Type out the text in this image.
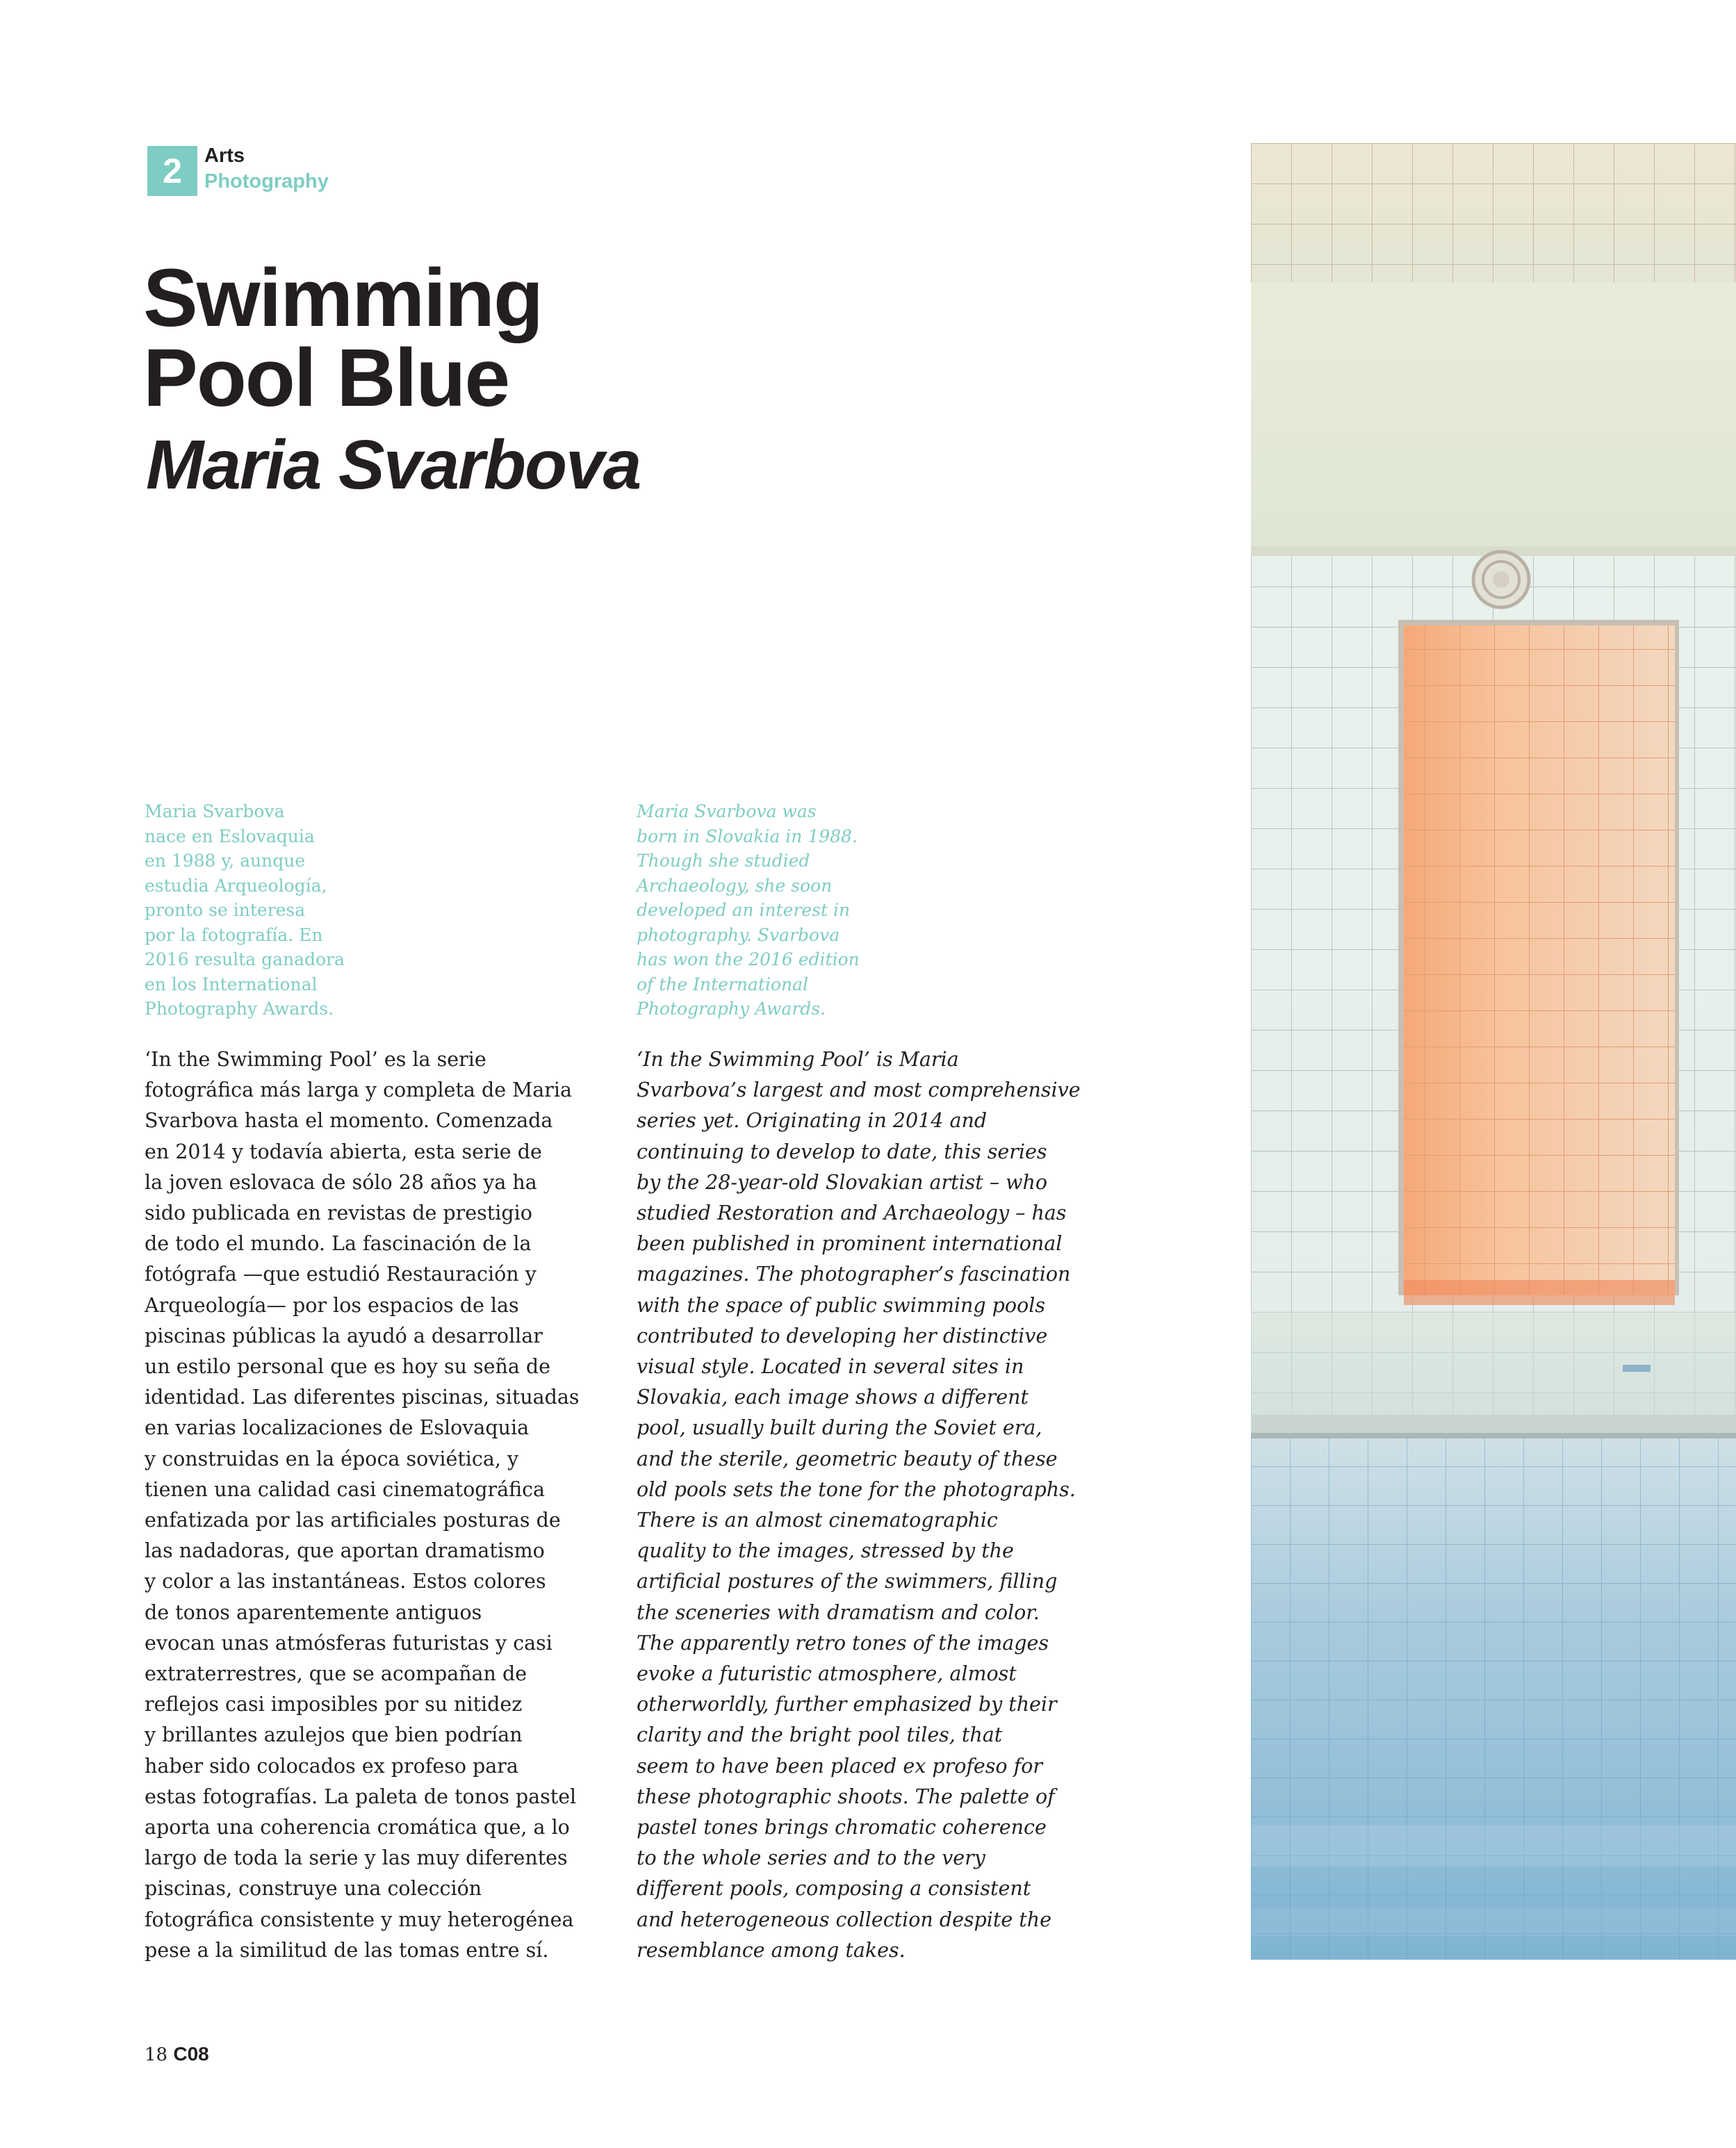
2	Arts
Photography
Swimming
Pool Blue
Maria Svarbova

Maria Svarbova
nace en Eslovaquia
en 1988 y, aunque
estudia Arqueología,
pronto se interesa
por la fotografía. En
2016 resulta ganadora
en los International
Photography Awards.

Maria Svarbova was
born in Slovakia in 1988.
Though she studied
Archaeology, she soon
developed an interest in
photography. Svarbova
has won the 2016 edition
of the International
Photography Awards.

‘In the Swimming Pool’ es la serie
fotográfica más larga y completa de Maria
Svarbova hasta el momento. Comenzada
en 2014 y todavía abierta, esta serie de
la joven eslovaca de sólo 28 años ya ha
sido publicada en revistas de prestigio
de todo el mundo. La fascinación de la
fotógrafa —que estudió Restauración y
Arqueología— por los espacios de las
piscinas públicas la ayudó a desarrollar
un estilo personal que es hoy su seña de
identidad. Las diferentes piscinas, situadas
en varias localizaciones de Eslovaquia
y construidas en la época soviética, y
tienen una calidad casi cinematográfica
enfatizada por las artificiales posturas de
las nadadoras, que aportan dramatismo
y color a las instantáneas. Estos colores
de tonos aparentemente antiguos
evocan unas atmósferas futuristas y casi
extraterrestres, que se acompañan de
reflejos casi imposibles por su nitidez
y brillantes azulejos que bien podrían
haber sido colocados ex profeso para
estas fotografías. La paleta de tonos pastel
aporta una coherencia cromática que, a lo
largo de toda la serie y las muy diferentes
piscinas, construye una colección
fotográfica consistente y muy heterogénea
pese a la similitud de las tomas entre sí.

‘In the Swimming Pool’ is Maria
Svarbova’s largest and most comprehensive
series yet. Originating in 2014 and
continuing to develop to date, this series
by the 28-year-old Slovakian artist – who
studied Restoration and Archaeology – has
been published in prominent international
magazines. The photographer’s fascination
with the space of public swimming pools
contributed to developing her distinctive
visual style. Located in several sites in
Slovakia, each image shows a different
pool, usually built during the Soviet era,
and the sterile, geometric beauty of these
old pools sets the tone for the photographs.
There is an almost cinematographic
quality to the images, stressed by the
artificial postures of the swimmers, filling
the sceneries with dramatism and color.
The apparently retro tones of the images
evoke a futuristic atmosphere, almost
otherworldly, further emphasized by their
clarity and the bright pool tiles, that
seem to have been placed ex profeso for
these photographic shoots. The palette of
pastel tones brings chromatic coherence
to the whole series and to the very
different pools, composing a consistent
and heterogeneous collection despite the
resemblance among takes.

18 C08
